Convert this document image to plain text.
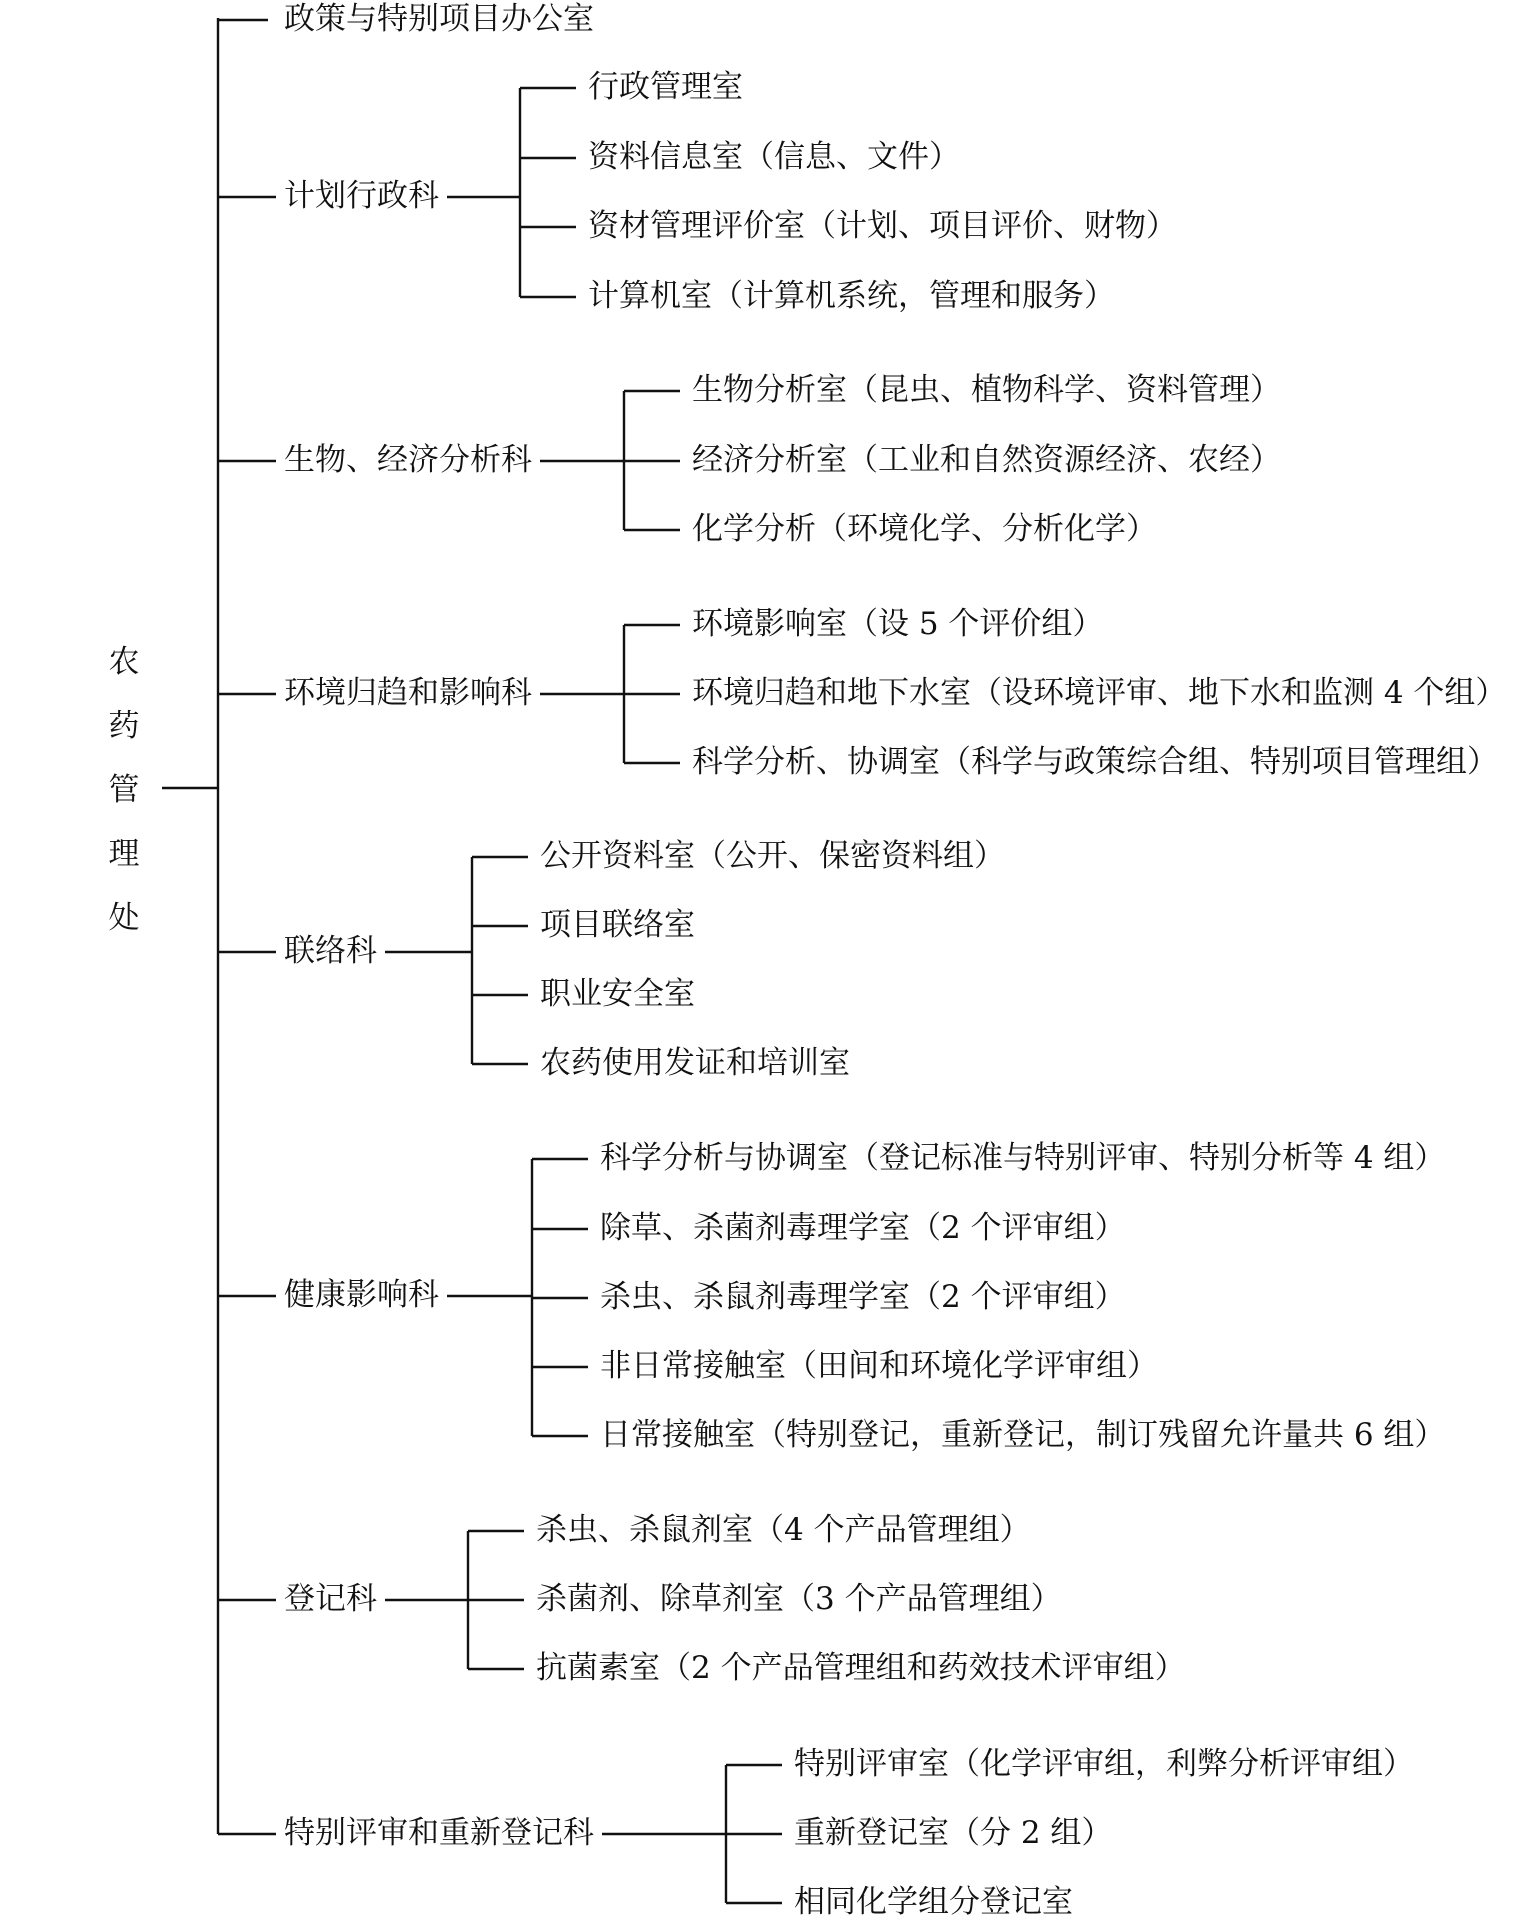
农
药
管
理
处
政策与特别项目办公室
计划行政科
行政管理室
资料信息室（信息、文件）
资材管理评价室（计划、项目评价、财物）
计算机室（计算机系统，管理和服务）
生物、经济分析科
生物分析室（昆虫、植物科学、资料管理）
经济分析室（工业和自然资源经济、农经）
化学分析（环境化学、分析化学）
环境归趋和影响科
环境影响室（设 5 个评价组）
环境归趋和地下水室（设环境评审、地下水和监测 4 个组）
科学分析、协调室（科学与政策综合组、特别项目管理组）
联络科
公开资料室（公开、保密资料组）
项目联络室
职业安全室
农药使用发证和培训室
健康影响科
科学分析与协调室（登记标准与特别评审、特别分析等 4 组）
除草、杀菌剂毒理学室（2 个评审组）
杀虫、杀鼠剂毒理学室（2 个评审组）
非日常接触室（田间和环境化学评审组）
日常接触室（特别登记，重新登记，制订残留允许量共 6 组）
登记科
杀虫、杀鼠剂室（4 个产品管理组）
杀菌剂、除草剂室（3 个产品管理组）
抗菌素室（2 个产品管理组和药效技术评审组）
特别评审和重新登记科
特别评审室（化学评审组，利弊分析评审组）
重新登记室（分 2 组）
相同化学组分登记室
